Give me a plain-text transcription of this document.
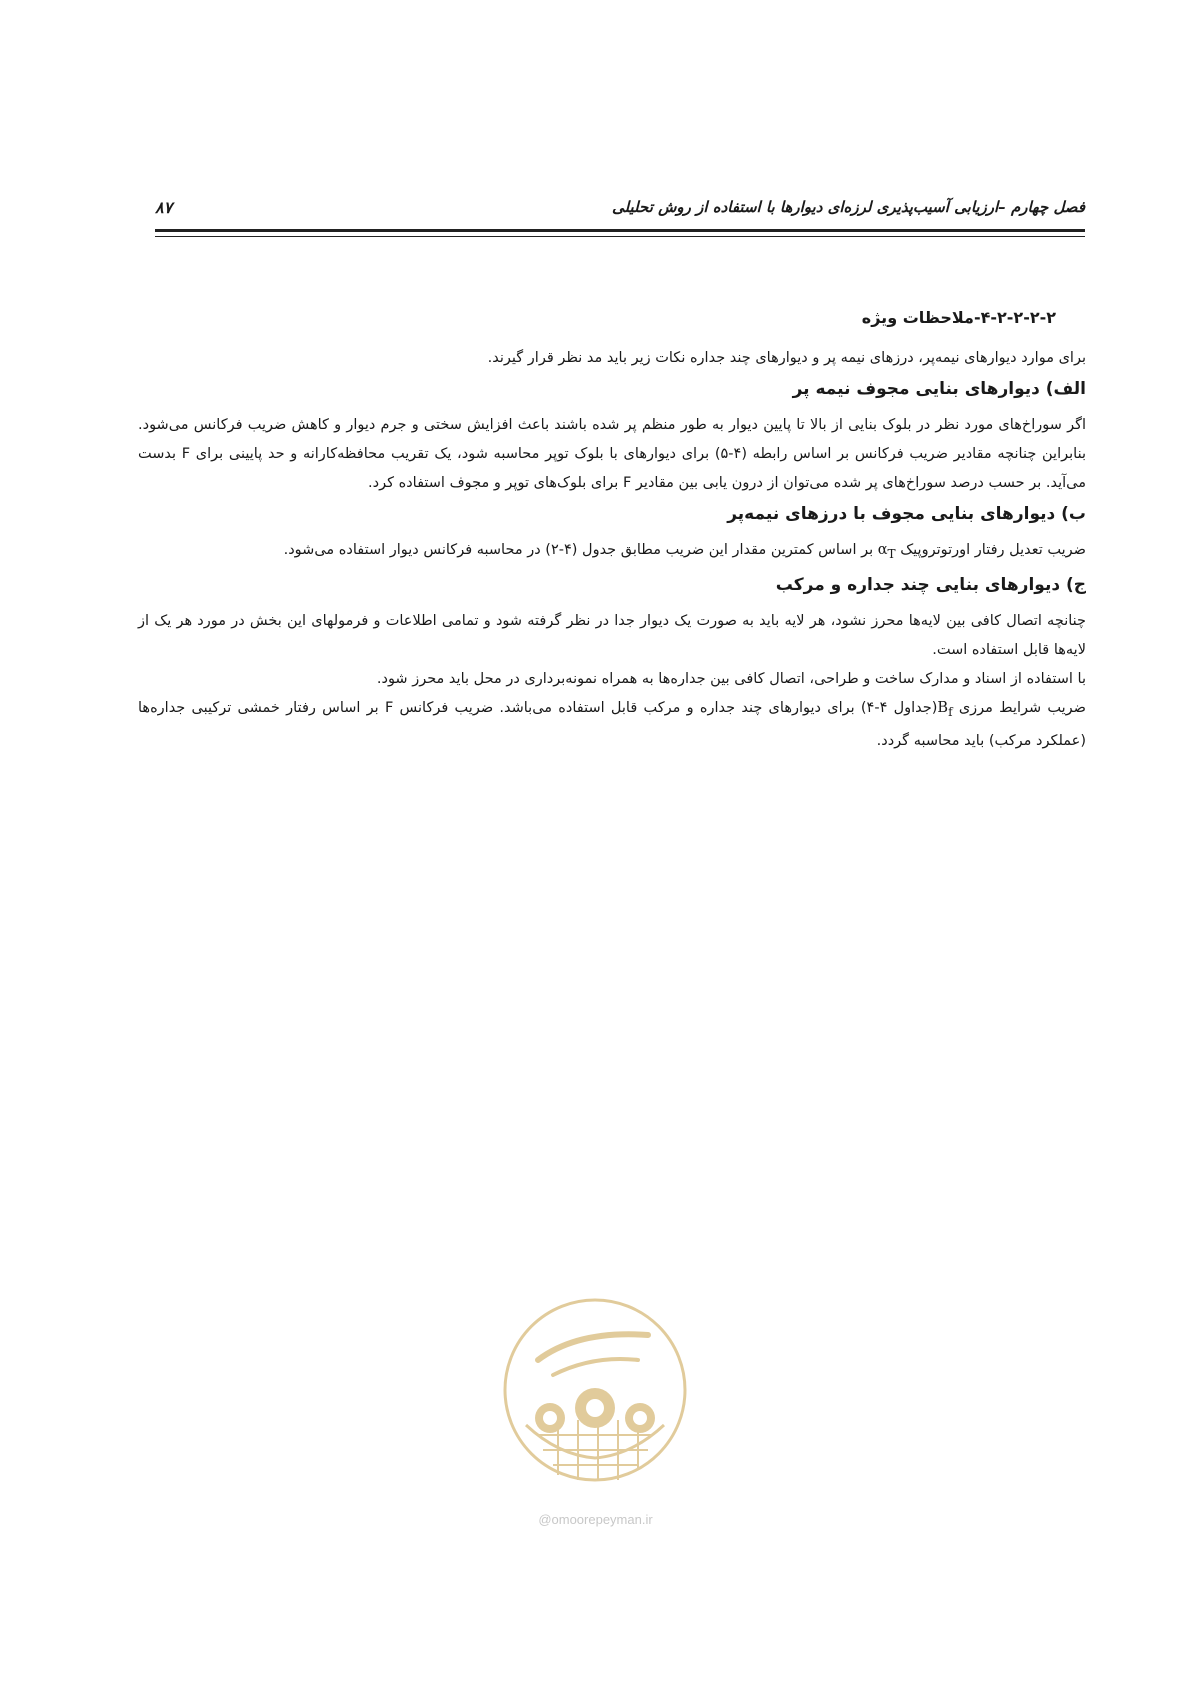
فصل چهارم –ارزیابی آسیب‌پذیری لرزه‌ای دیوارها با استفاده از روش تحلیلی
۸۷
۴-۲-۲-۲-۲-ملاحظات ویژه

برای موارد دیوارهای نیمه‌پر، درزهای نیمه پر و دیوارهای چند جداره نکات زیر باید مد نظر قرار گیرند.

الف) دیوارهای بنایی مجوف نیمه پر

اگر سوراخ‌های مورد نظر در بلوک بنایی از بالا تا پایین دیوار به طور منظم پر شده باشند باعث افزایش سختی و جرم دیوار و کاهش ضریب فرکانس می‌شود. بنابراین چنانچه مقادیر ضریب فرکانس بر اساس رابطه (۴-۵) برای دیوارهای با بلوک توپر محاسبه شود، یک تقریب محافظه‌کارانه و حد پایینی برای F بدست می‌آید. بر حسب درصد سوراخ‌های پر شده می‌توان از درون یابی بین مقادیر F برای بلوک‌های توپر و مجوف استفاده کرد.

ب) دیوارهای بنایی مجوف با درزهای نیمه‌پر

ضریب تعدیل رفتار اورتوتروپیک $\alpha_T$ بر اساس کمترین مقدار این ضریب مطابق جدول (۴-۲) در محاسبه فرکانس دیوار استفاده می‌شود.

ج) دیوارهای بنایی چند جداره و مرکب

چنانچه اتصال کافی بین لایه‌ها محرز نشود، هر لایه باید به صورت یک دیوار جدا در نظر گرفته شود و تمامی اطلاعات و فرمولهای این بخش در مورد هر یک از لایه‌ها قابل استفاده است.

با استفاده از اسناد و مدارک ساخت و طراحی، اتصال کافی بین جداره‌ها به همراه نمونه‌برداری در محل باید محرز شود.

ضریب شرایط مرزی $B_f(جداول$ ۴-۴) برای دیوارهای چند جداره و مرکب قابل استفاده می‌باشد. ضریب فرکانس F بر اساس رفتار خمشی ترکیبی جداره‌ها (عملکرد مرکب) باید محاسبه گردد.

@omoorepeyman.ir
